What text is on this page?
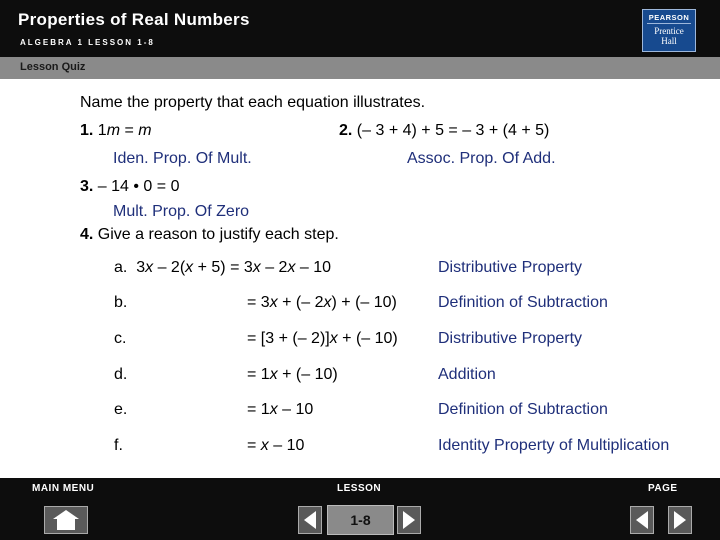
Properties of Real Numbers
ALGEBRA 1 LESSON 1-8
PEARSON
Prentice
Hall
Lesson Quiz
Name the property that each equation illustrates.
1. 1m = m	2. (– 3 + 4) + 5 = – 3 + (4 + 5)
Iden. Prop. Of Mult.	Assoc. Prop. Of Add.
3. – 14 • 0 = 0
Mult. Prop. Of Zero
4. Give a reason to justify each step.
a. 3x – 2(x + 5) = 3x – 2x – 10	Distributive Property
b.	= 3x + (– 2x) + (– 10)	Definition of Subtraction
c.	= [3 + (– 2)]x + (– 10)	Distributive Property
d.	= 1x + (– 10)	Addition
e.	= 1x – 10	Definition of Subtraction
f.	= x – 10	Identity Property of Multiplication
MAIN MENU	LESSON	PAGE
1-8
